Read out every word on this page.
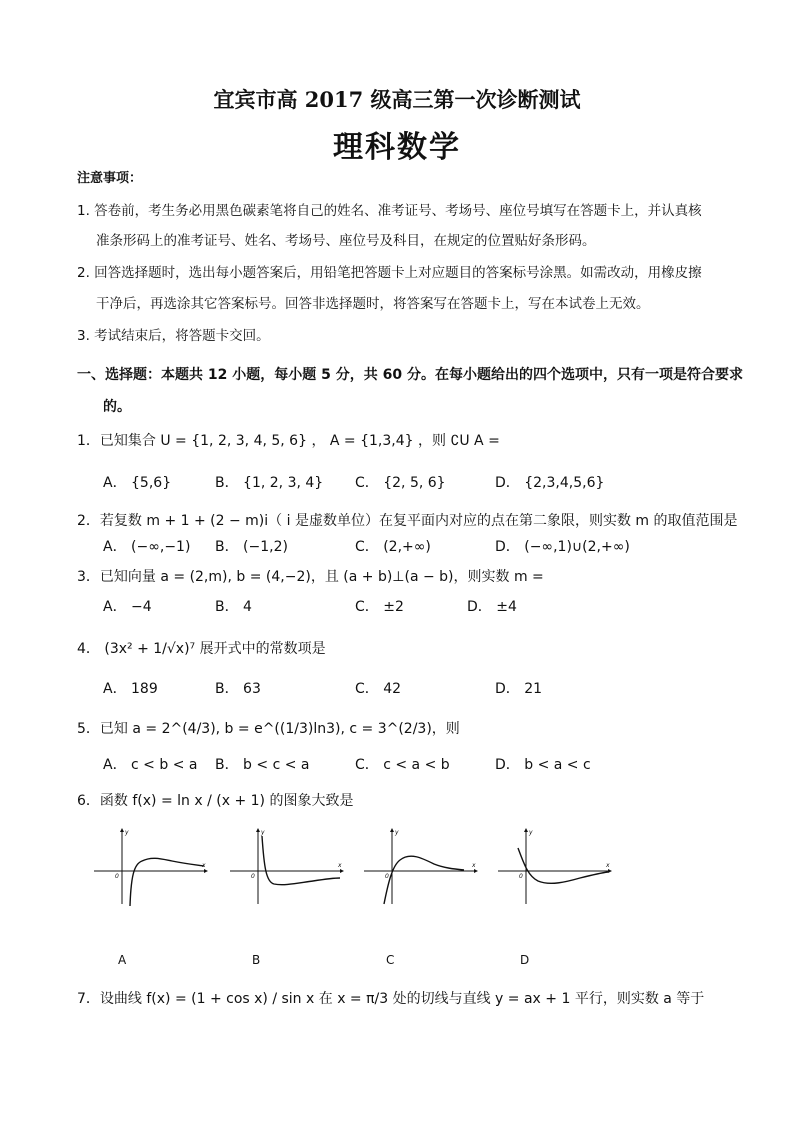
宜宾市高 2017 级高三第一次诊断测试
理科数学
注意事项：
1. 答卷前，考生务必用黑色碳素笔将自己的姓名、准考证号、考场号、座位号填写在答题卡上，并认真核
准条形码上的准考证号、姓名、考场号、座位号及科目，在规定的位置贴好条形码。
2. 回答选择题时，选出每小题答案后，用铅笔把答题卡上对应题目的答案标号涂黑。如需改动，用橡皮擦
干净后，再选涂其它答案标号。回答非选择题时，将答案写在答题卡上，写在本试卷上无效。
3. 考试结束后，将答题卡交回。
一、选择题：本题共 12 小题，每小题 5 分，共 60 分。在每小题给出的四个选项中，只有一项是符合要求
的。
1．已知集合 U = {1, 2, 3, 4, 5, 6} ， A = {1,3,4} ，则 ∁U A =
A． {5,6}	B． {1, 2, 3, 4} C． {2, 5, 6}	D． {2,3,4,5,6}
2．若复数 m + 1 + (2 − m)i（ i 是虚数单位）在复平面内对应的点在第二象限，则实数 m 的取值范围是
A． (−∞,−1) B． (−1,2)	C． (2,+∞)	D． (−∞,1)∪(2,+∞)
3．已知向量 a = (2,m), b = (4,−2)，且 (a + b)⊥(a − b)，则实数 m =
A． −4	B． 4	C． ±2	D． ±4
4． (3x² + 1/√x)⁷ 展开式中的常数项是
A． 189	B． 63	C． 42	D． 21
5．已知 a = 2^(4/3), b = e^((1/3)ln3), c = 3^(2/3)，则
A． c < b < a B． b < c < a	C． c < a < b	D． b < a < c
6．函数 f(x) = ln x / (x + 1) 的图象大致是
y
x
0
y
x
0
y
x
0
y
x
0
A	B	C	D
7．设曲线 f(x) = (1 + cos x) / sin x 在 x = π/3 处的切线与直线 y = ax + 1 平行，则实数 a 等于
